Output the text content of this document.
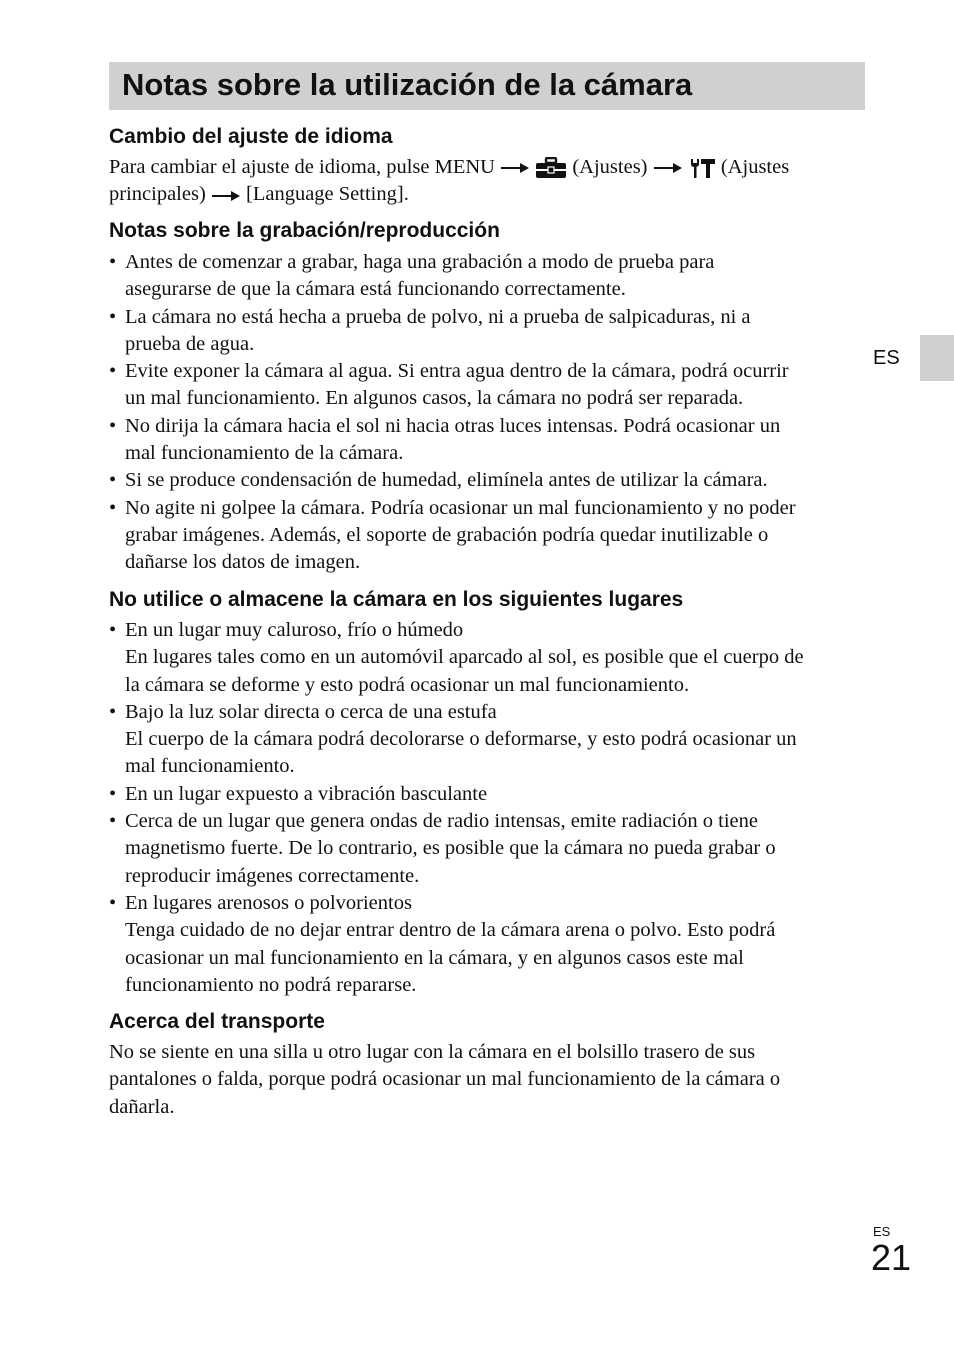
Notas sobre la utilización de la cámara
ES
Cambio del ajuste de idioma
Para cambiar el ajuste de idioma, pulse MENU	(Ajustes)	(Ajustes
principales) [Language Setting].
Notas sobre la grabación/reproducción
• Antes de comenzar a grabar, haga una grabación a modo de prueba para
asegurarse de que la cámara está funcionando correctamente.
• La cámara no está hecha a prueba de polvo, ni a prueba de salpicaduras, ni a
prueba de agua.
• Evite exponer la cámara al agua. Si entra agua dentro de la cámara, podrá ocurrir
un mal funcionamiento. En algunos casos, la cámara no podrá ser reparada.
• No dirija la cámara hacia el sol ni hacia otras luces intensas. Podrá ocasionar un
mal funcionamiento de la cámara.
• Si se produce condensación de humedad, elimínela antes de utilizar la cámara.
• No agite ni golpee la cámara. Podría ocasionar un mal funcionamiento y no poder
grabar imágenes. Además, el soporte de grabación podría quedar inutilizable o
dañarse los datos de imagen.
No utilice o almacene la cámara en los siguientes lugares
• En un lugar muy caluroso, frío o húmedo
En lugares tales como en un automóvil aparcado al sol, es posible que el cuerpo de
la cámara se deforme y esto podrá ocasionar un mal funcionamiento.
• Bajo la luz solar directa o cerca de una estufa
El cuerpo de la cámara podrá decolorarse o deformarse, y esto podrá ocasionar un
mal funcionamiento.
• En un lugar expuesto a vibración basculante
• Cerca de un lugar que genera ondas de radio intensas, emite radiación o tiene
magnetismo fuerte. De lo contrario, es posible que la cámara no pueda grabar o
reproducir imágenes correctamente.
• En lugares arenosos o polvorientos
Tenga cuidado de no dejar entrar dentro de la cámara arena o polvo. Esto podrá
ocasionar un mal funcionamiento en la cámara, y en algunos casos este mal
funcionamiento no podrá repararse.
Acerca del transporte
No se siente en una silla u otro lugar con la cámara en el bolsillo trasero de sus
pantalones o falda, porque podrá ocasionar un mal funcionamiento de la cámara o
dañarla.
ES
21
